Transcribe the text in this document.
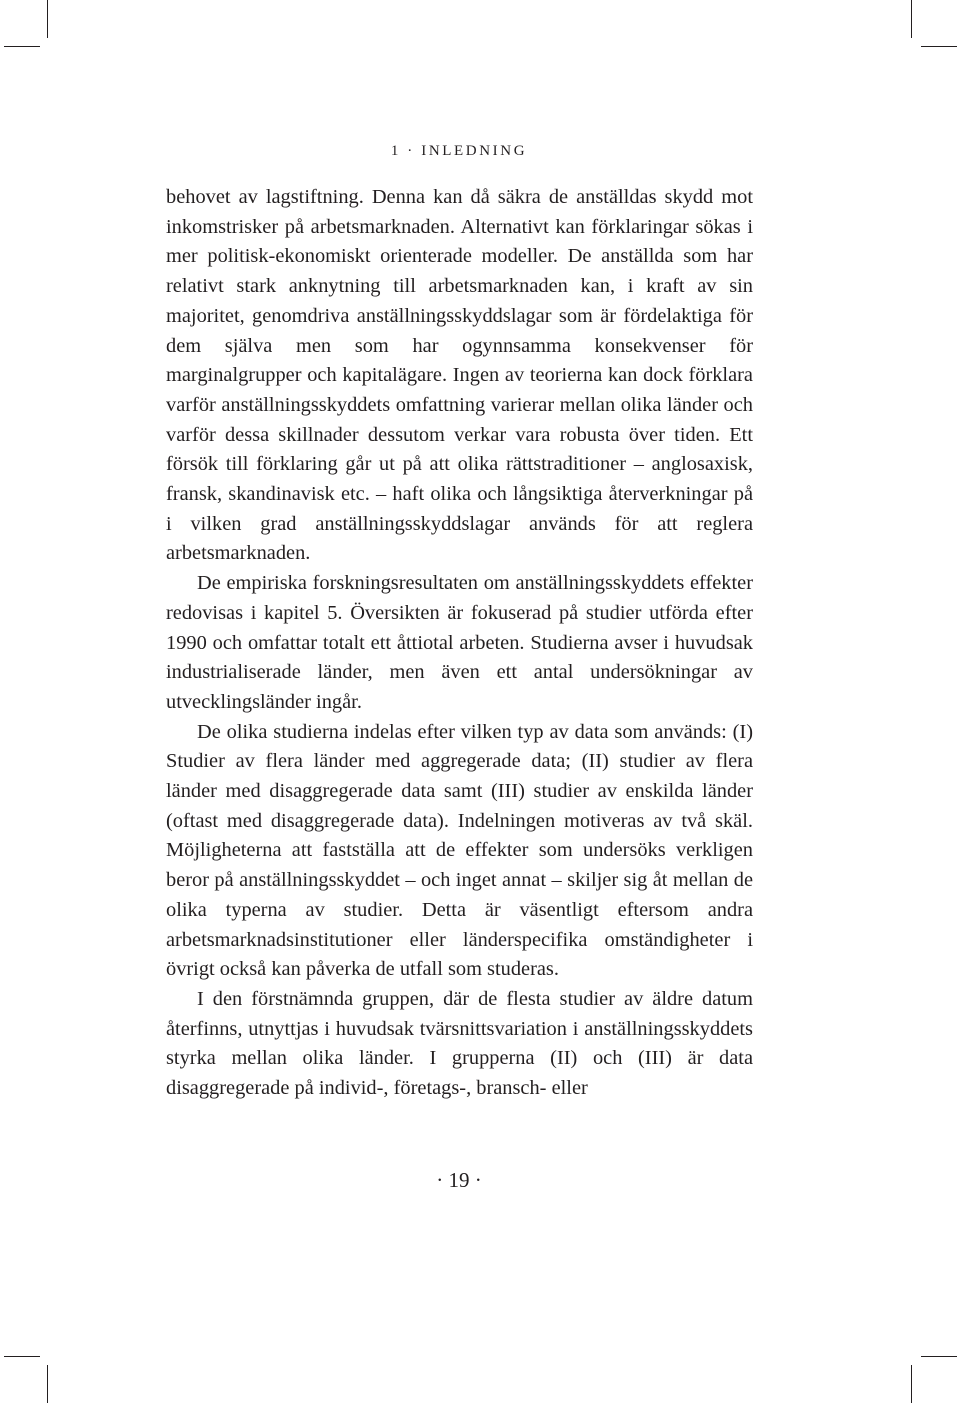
1 · INLEDNING

behovet av lagstiftning. Denna kan då säkra de anställdas skydd mot inkomstrisker på arbetsmarknaden. Alternativt kan förklaringar sökas i mer politisk-ekonomiskt orienterade modeller. De anställda som har relativt stark anknytning till arbetsmarknaden kan, i kraft av sin majoritet, genomdriva anställningsskyddslagar som är fördelaktiga för dem själva men som har ogynnsamma konsekvenser för marginalgrupper och kapitalägare. Ingen av teorierna kan dock förklara varför anställningsskyddets omfattning varierar mellan olika länder och varför dessa skillnader dessutom verkar vara robusta över tiden. Ett försök till förklaring går ut på att olika rättstraditioner – anglosaxisk, fransk, skandinavisk etc. – haft olika och långsiktiga återverkningar på i vilken grad anställningsskyddslagar används för att reglera arbetsmarknaden.

De empiriska forskningsresultaten om anställningsskyddets effekter redovisas i kapitel 5. Översikten är fokuserad på studier utförda efter 1990 och omfattar totalt ett åttiotal arbeten. Studierna avser i huvudsak industrialiserade länder, men även ett antal undersökningar av utvecklingsländer ingår.

De olika studierna indelas efter vilken typ av data som används: (I) Studier av flera länder med aggregerade data; (II) studier av flera länder med disaggregerade data samt (III) studier av enskilda länder (oftast med disaggregerade data). Indelningen motiveras av två skäl. Möjligheterna att fastställa att de effekter som undersöks verkligen beror på anställningsskyddet – och inget annat – skiljer sig åt mellan de olika typerna av studier. Detta är väsentligt eftersom andra arbetsmarknadsinstitutioner eller länderspecifika omständigheter i övrigt också kan påverka de utfall som studeras.

I den förstnämnda gruppen, där de flesta studier av äldre datum återfinns, utnyttjas i huvudsak tvärsnittsvariation i anställningsskyddets styrka mellan olika länder. I grupperna (II) och (III) är data disaggregerade på individ-, företags-, bransch- eller

· 19 ·
